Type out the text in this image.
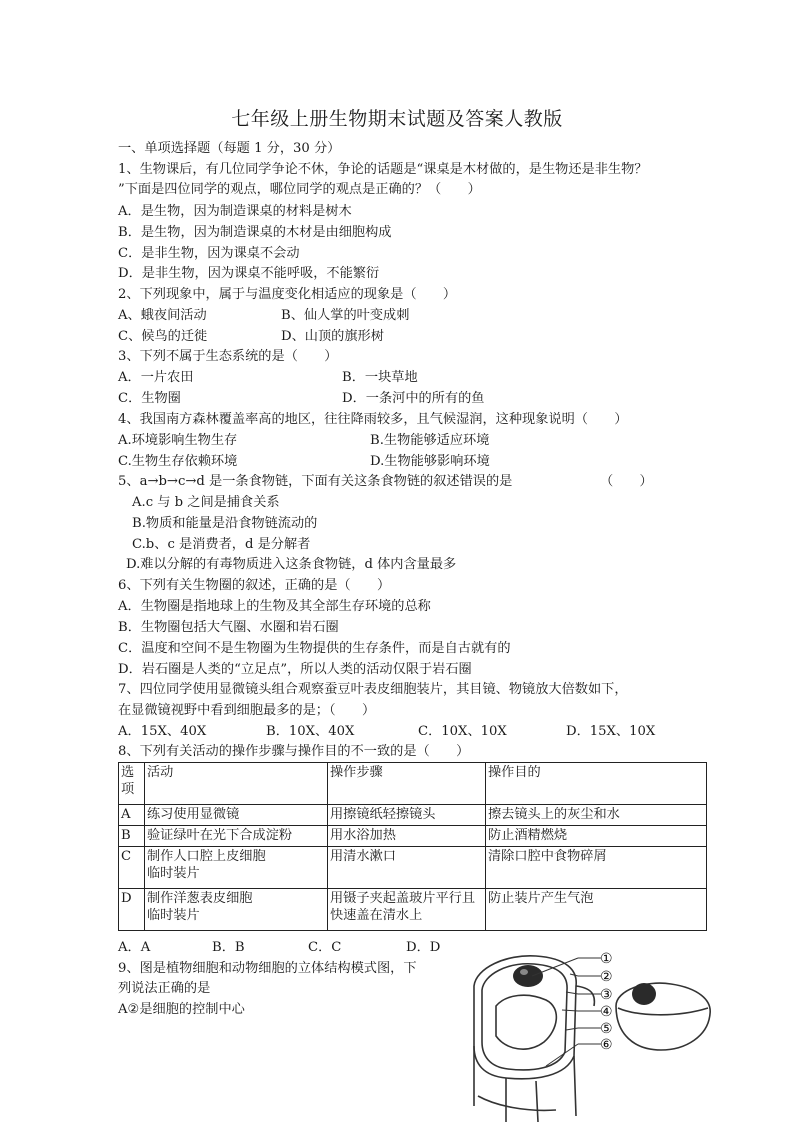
七年级上册生物期末试题及答案人教版
一、单项选择题（每题 1 分，30 分）
1、生物课后，有几位同学争论不休，争论的话题是“课桌是木材做的，是生物还是非生物？
”下面是四位同学的观点，哪位同学的观点是正确的？（　　）
A．是生物，因为制造课桌的材料是树木
B．是生物，因为制造课桌的木材是由细胞构成
C．是非生物，因为课桌不会动
D．是非生物，因为课桌不能呼吸，不能繁衍
2、下列现象中，属于与温度变化相适应的现象是（　　）
A、蛾夜间活动	B、仙人掌的叶变成刺
C、候鸟的迁徙	D、山顶的旗形树
3、下列不属于生态系统的是（　　）
A．一片农田	B．一块草地
C．生物圈	D．一条河中的所有的鱼
4、我国南方森林覆盖率高的地区，往往降雨较多，且气候湿润，这种现象说明（　　）
A.环境影响生物生存	B.生物能够适应环境
C.生物生存依赖环境	D.生物能够影响环境
5、a→b→c→d 是一条食物链，下面有关这条食物链的叙述错误的是	（　　）
A.c 与 b 之间是捕食关系
B.物质和能量是沿食物链流动的
C.b、c 是消费者，d 是分解者
D.难以分解的有毒物质进入这条食物链，d 体内含量最多
6、下列有关生物圈的叙述，正确的是（　　）
A．生物圈是指地球上的生物及其全部生存环境的总称
B．生物圈包括大气圈、水圈和岩石圈
C．温度和空间不是生物圈为生物提供的生存条件，而是自古就有的
D．岩石圈是人类的“立足点”，所以人类的活动仅限于岩石圈
7、四位同学使用显微镜头组合观察蚕豆叶表皮细胞装片，其目镜、物镜放大倍数如下，
在显微镜视野中看到细胞最多的是；（　　）
A．15X、40X	B．10X、40X	C．10X、10X	D．15X、10X
8、下列有关活动的操作步骤与操作目的不一致的是（　　）
选
项	活动	操作步骤	操作目的
A	练习使用显微镜	用擦镜纸轻擦镜头	擦去镜头上的灰尘和水
B	验证绿叶在光下合成淀粉	用水浴加热	防止酒精燃烧
C	制作人口腔上皮细胞
临时装片	用清水漱口	清除口腔中食物碎屑
D	制作洋葱表皮细胞
临时装片	用镊子夹起盖玻片平行且
快速盖在清水上	防止装片产生气泡
A．A	B．B	C．C	D．D
9、图是植物细胞和动物细胞的立体结构模式图，下
列说法正确的是
A②是细胞的控制中心
①
②
③
④
⑤
⑥
